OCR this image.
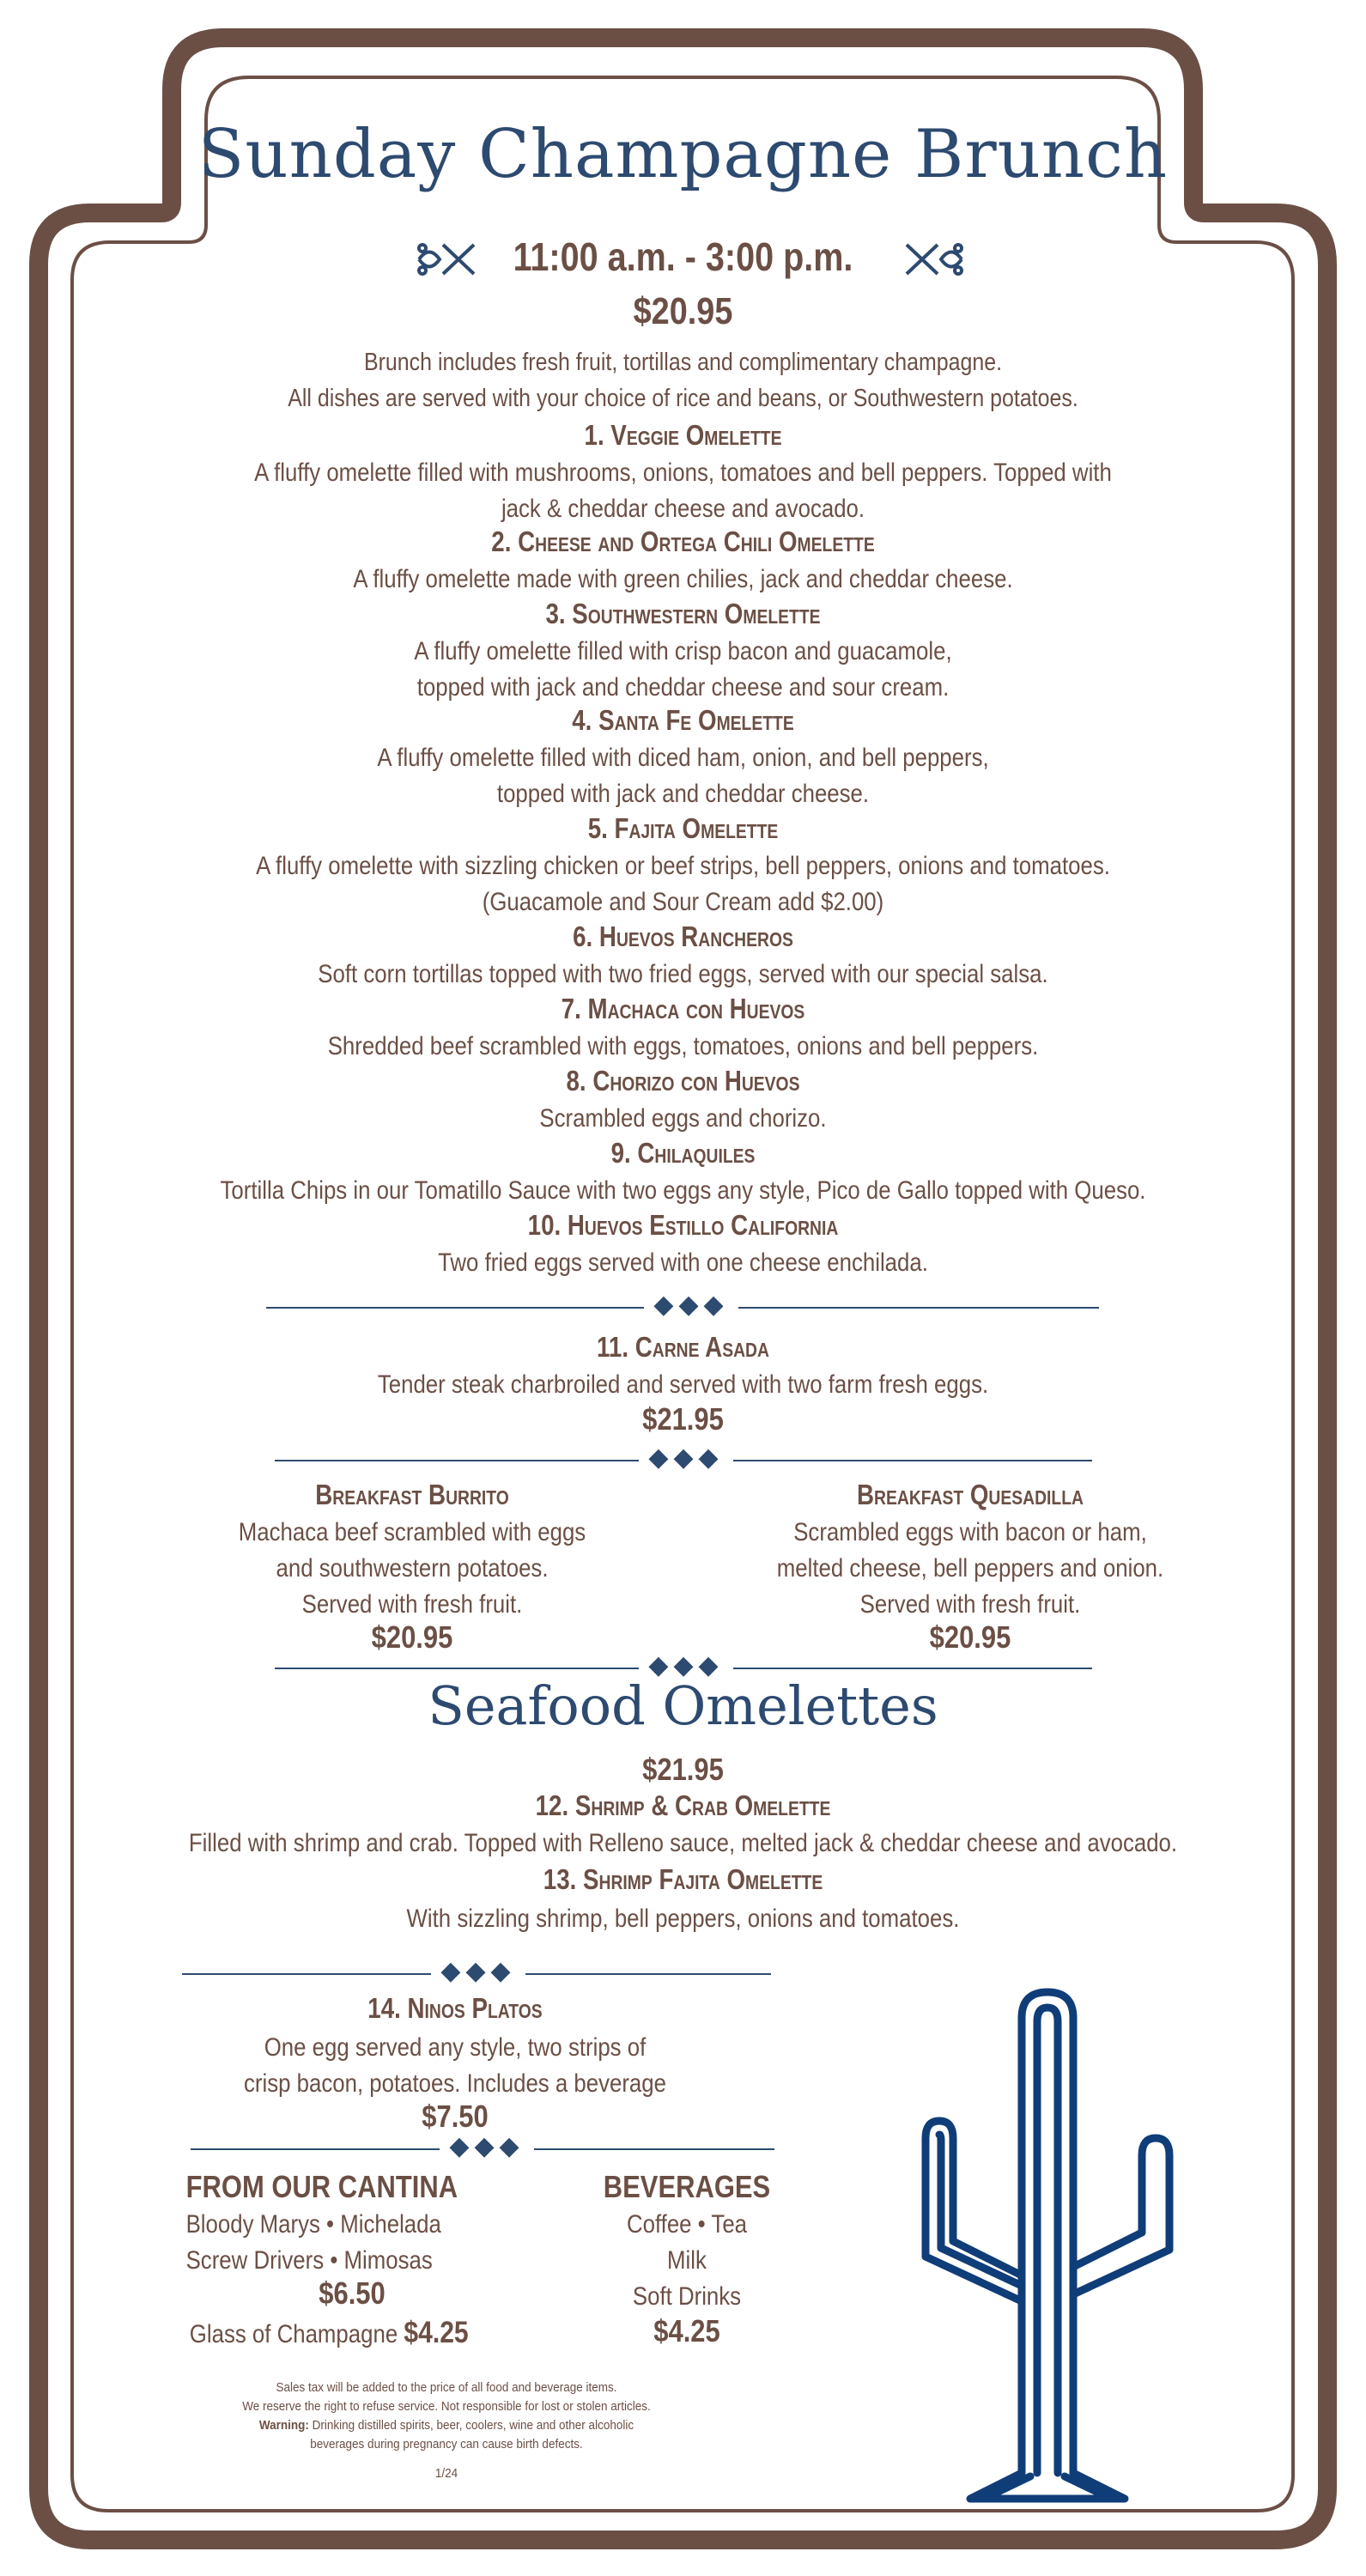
Sunday Champagne Brunch
11:00 a.m. - 3:00 p.m.
$20.95
Brunch includes fresh fruit, tortillas and complimentary champagne.
All dishes are served with your choice of rice and beans, or Southwestern potatoes.
1. Veggie Omelette
A fluffy omelette filled with mushrooms, onions, tomatoes and bell peppers. Topped with
jack & cheddar cheese and avocado.
2. Cheese and Ortega Chili Omelette
A fluffy omelette made with green chilies, jack and cheddar cheese.
3. Southwestern Omelette
A fluffy omelette filled with crisp bacon and guacamole,
topped with jack and cheddar cheese and sour cream.
4. Santa Fe Omelette
A fluffy omelette filled with diced ham, onion, and bell peppers,
topped with jack and cheddar cheese.
5. Fajita Omelette
A fluffy omelette with sizzling chicken or beef strips, bell peppers, onions and tomatoes.
(Guacamole and Sour Cream add $2.00)
6. Huevos Rancheros
Soft corn tortillas topped with two fried eggs, served with our special salsa.
7. Machaca con Huevos
Shredded beef scrambled with eggs, tomatoes, onions and bell peppers.
8. Chorizo con Huevos
Scrambled eggs and chorizo.
9. Chilaquiles
Tortilla Chips in our Tomatillo Sauce with two eggs any style, Pico de Gallo topped with Queso.
10. Huevos Estillo California
Two fried eggs served with one cheese enchilada.
◆◆◆
11. Carne Asada
Tender steak charbroiled and served with two farm fresh eggs.
$21.95
◆◆◆
Breakfast Burrito
Machaca beef scrambled with eggs
and southwestern potatoes.
Served with fresh fruit.
$20.95
Breakfast Quesadilla
Scrambled eggs with bacon or ham,
melted cheese, bell peppers and onion.
Served with fresh fruit.
$20.95
◆◆◆
Seafood Omelettes
$21.95
12. Shrimp & Crab Omelette
Filled with shrimp and crab. Topped with Relleno sauce, melted jack & cheddar cheese and avocado.
13. Shrimp Fajita Omelette
With sizzling shrimp, bell peppers, onions and tomatoes.
◆◆◆
14. Ninos Platos
One egg served any style, two strips of
crisp bacon, potatoes. Includes a beverage
$7.50
◆◆◆
FROM OUR CANTINA
Bloody Marys • Michelada
Screw Drivers • Mimosas
$6.50
Glass of Champagne $4.25
BEVERAGES
Coffee • Tea
Milk
Soft Drinks
$4.25
Sales tax will be added to the price of all food and beverage items.
We reserve the right to refuse service. Not responsible for lost or stolen articles.
Warning: Drinking distilled spirits, beer, coolers, wine and other alcoholic
beverages during pregnancy can cause birth defects.
1/24
